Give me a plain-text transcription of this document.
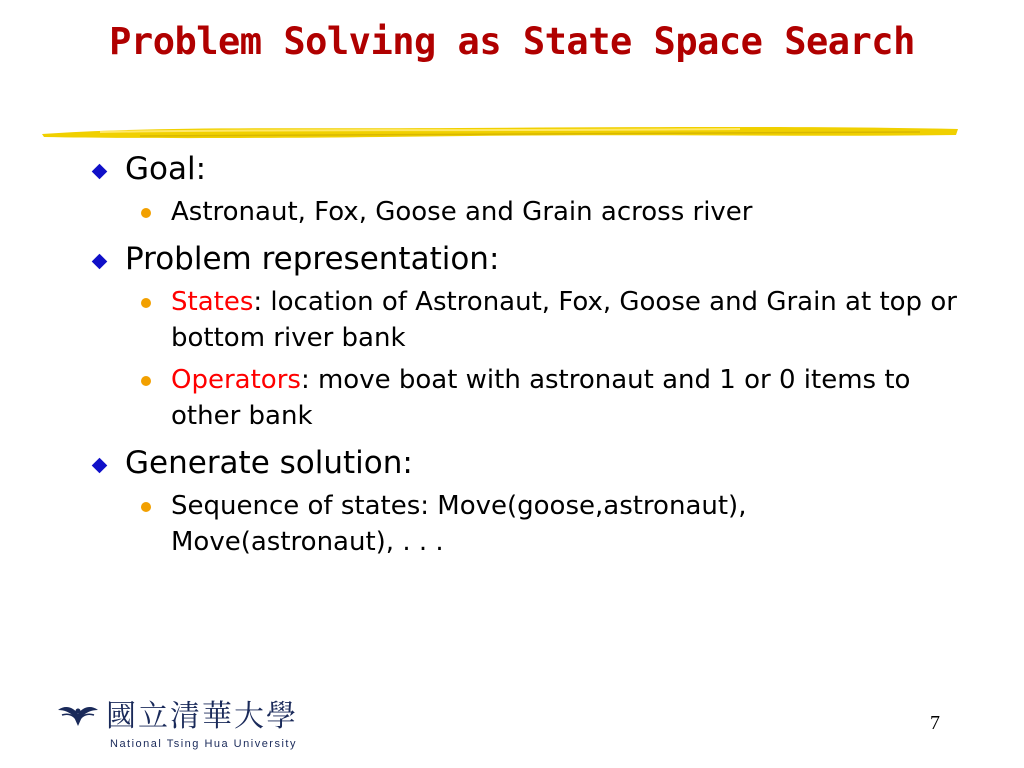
Problem Solving as State Space Search
Goal:
Astronaut, Fox, Goose and Grain across river
Problem representation:
States: location of Astronaut, Fox, Goose and Grain at top or bottom river bank
Operators: move boat with astronaut and 1 or 0 items to other bank
Generate solution:
Sequence of states: Move(goose,astronaut), Move(astronaut), . . .
國立清華大學
National Tsing Hua University
7
